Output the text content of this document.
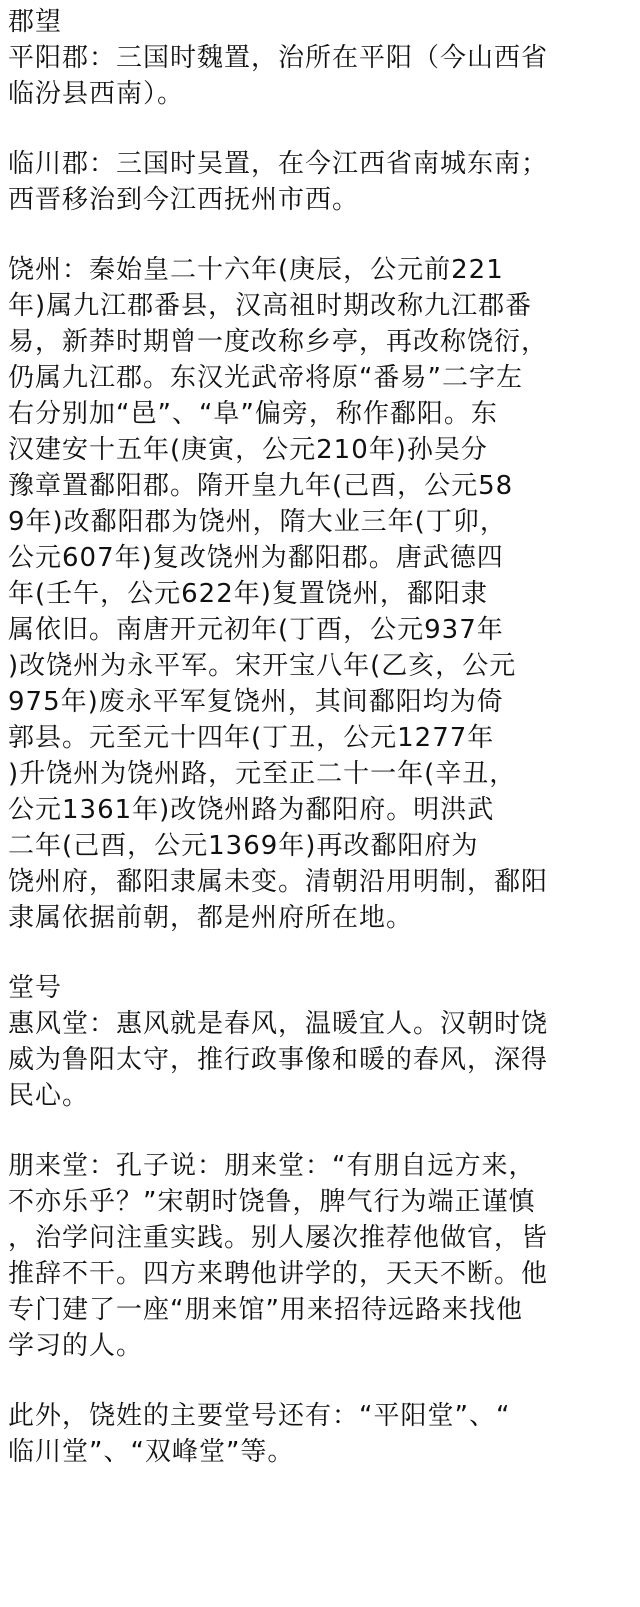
郡望
平阳郡：三国时魏置，治所在平阳（今山西省
临汾县西南）。
临川郡：三国时吴置，在今江西省南城东南；
西晋移治到今江西抚州市西。
饶州：秦始皇二十六年(庚辰，公元前221
年)属九江郡番县，汉高祖时期改称九江郡番
易，新莽时期曾一度改称乡亭，再改称饶衍，
仍属九江郡。东汉光武帝将原“番易”二字左
右分别加“邑”、“阜”偏旁，称作鄱阳。东
汉建安十五年(庚寅，公元210年)孙吴分
豫章置鄱阳郡。隋开皇九年(己酉，公元58
9年)改鄱阳郡为饶州，隋大业三年(丁卯，
公元607年)复改饶州为鄱阳郡。唐武德四
年(壬午，公元622年)复置饶州，鄱阳隶
属依旧。南唐开元初年(丁酉，公元937年
)改饶州为永平军。宋开宝八年(乙亥，公元
975年)废永平军复饶州，其间鄱阳均为倚
郭县。元至元十四年(丁丑，公元1277年
)升饶州为饶州路，元至正二十一年(辛丑，
公元1361年)改饶州路为鄱阳府。明洪武
二年(己酉，公元1369年)再改鄱阳府为
饶州府，鄱阳隶属未变。清朝沿用明制，鄱阳
隶属依据前朝，都是州府所在地。
堂号
惠风堂：惠风就是春风，温暖宜人。汉朝时饶
威为鲁阳太守，推行政事像和暖的春风，深得
民心。
朋来堂：孔子说：朋来堂：“有朋自远方来，
不亦乐乎？”宋朝时饶鲁，脾气行为端正谨慎
，治学问注重实践。别人屡次推荐他做官，皆
推辞不干。四方来聘他讲学的，天天不断。他
专门建了一座“朋来馆”用来招待远路来找他
学习的人。
此外，饶姓的主要堂号还有：“平阳堂”、“
临川堂”、“双峰堂”等。
